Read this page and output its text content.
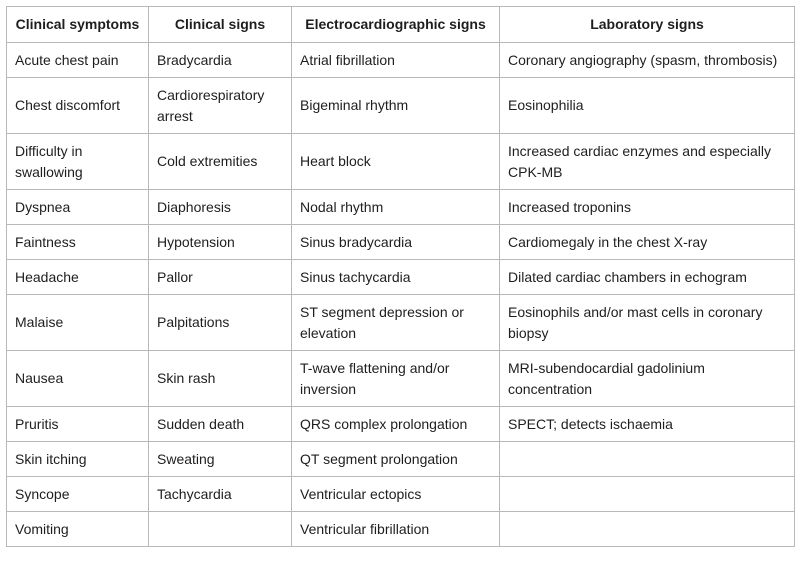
Clinical symptoms	Clinical signs	Electrocardiographic signs	Laboratory signs
Acute chest pain	Bradycardia	Atrial fibrillation	Coronary angiography (spasm, thrombosis)
Chest discomfort	Cardiorespiratory arrest	Bigeminal rhythm	Eosinophilia
Difficulty in swallowing	Cold extremities	Heart block	Increased cardiac enzymes and especially CPK-MB
Dyspnea	Diaphoresis	Nodal rhythm	Increased troponins
Faintness	Hypotension	Sinus bradycardia	Cardiomegaly in the chest X-ray
Headache	Pallor	Sinus tachycardia	Dilated cardiac chambers in echogram
Malaise	Palpitations	ST segment depression or elevation	Eosinophils and/or mast cells in coronary biopsy
Nausea	Skin rash	T-wave flattening and/or inversion	MRI-subendocardial gadolinium concentration
Pruritis	Sudden death	QRS complex prolongation	SPECT; detects ischaemia
Skin itching	Sweating	QT segment prolongation	
Syncope	Tachycardia	Ventricular ectopics	
Vomiting		Ventricular fibrillation	
